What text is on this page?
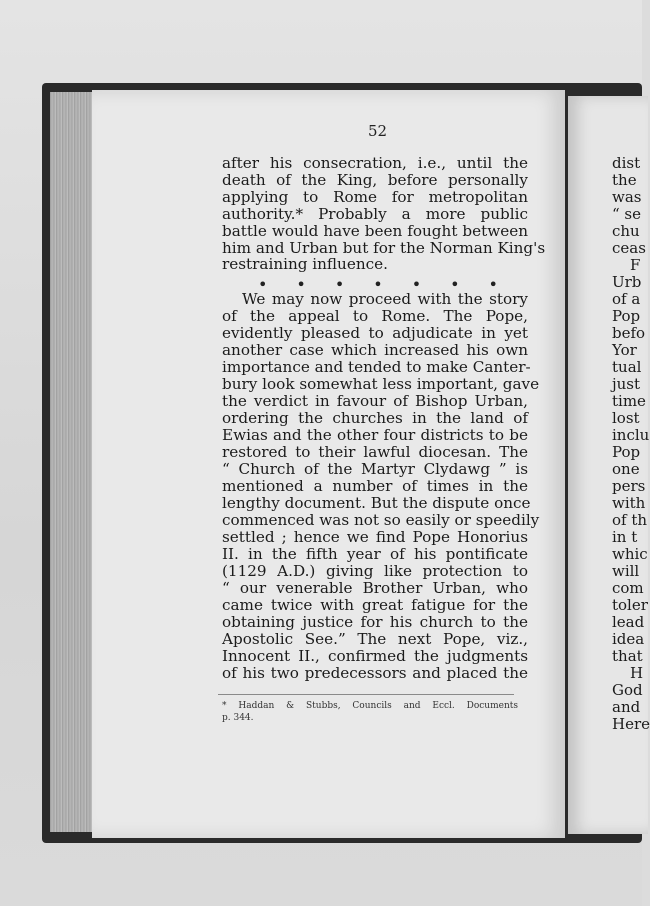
52
after his consecration, i.e., until the
death of the King, before personally
applying to Rome for metropolitan
authority.* Probably a more public
battle would have been fought between
him and Urban but for the Norman King's
restraining influence.
• • • • • • •
We may now proceed with the story
of the appeal to Rome. The Pope,
evidently pleased to adjudicate in yet
another case which increased his own
importance and tended to make Canter-
bury look somewhat less important, gave
the verdict in favour of Bishop Urban,
ordering the churches in the land of
Ewias and the other four districts to be
restored to their lawful diocesan. The
“ Church of the Martyr Clydawg ” is
mentioned a number of times in the
lengthy document. But the dispute once
commenced was not so easily or speedily
settled ; hence we find Pope Honorius
II. in the fifth year of his pontificate
(1129 A.D.) giving like protection to
“ our venerable Brother Urban, who
came twice with great fatigue for the
obtaining justice for his church to the
Apostolic See.” The next Pope, viz.,
Innocent II., confirmed the judgments
of his two predecessors and placed the
* Haddan & Stubbs, Councils and Eccl. Documents
p. 344.
dist
the
was
“ se
chu
ceas
F
Urb
of a
Pop
befo
Yor
tual
just
time
lost
inclu
Pop
one
pers
with
of th
in t
whic
will
com
toler
lead
idea
that
H
God
and
Here
